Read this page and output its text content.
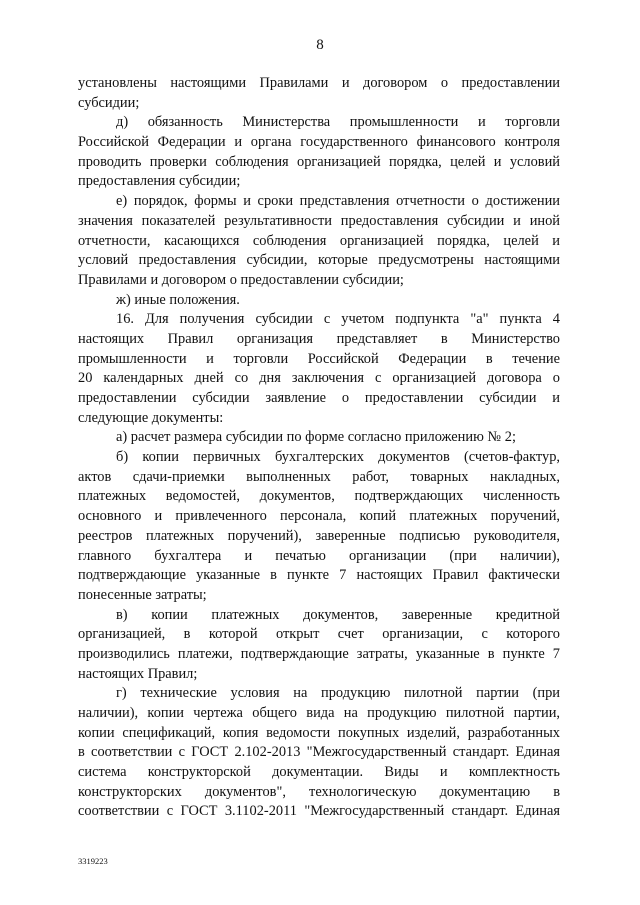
8
установлены настоящими Правилами и договором о предоставлении
субсидии;
д) обязанность Министерства промышленности и торговли
Российской Федерации и органа государственного финансового контроля
проводить проверки соблюдения организацией порядка, целей и условий
предоставления субсидии;
е) порядок, формы и сроки представления отчетности о достижении
значения показателей результативности предоставления субсидии и иной
отчетности, касающихся соблюдения организацией порядка, целей и
условий предоставления субсидии, которые предусмотрены настоящими
Правилами и договором о предоставлении субсидии;
ж) иные положения.
16. Для получения субсидии с учетом подпункта "а" пункта 4
настоящих Правил организация представляет в Министерство
промышленности и торговли Российской Федерации в течение
20 календарных дней со дня заключения с организацией договора о
предоставлении субсидии заявление о предоставлении субсидии и
следующие документы:
а) расчет размера субсидии по форме согласно приложению № 2;
б) копии первичных бухгалтерских документов (счетов-фактур,
актов сдачи-приемки выполненных работ, товарных накладных,
платежных ведомостей, документов, подтверждающих численность
основного и привлеченного персонала, копий платежных поручений,
реестров платежных поручений), заверенные подписью руководителя,
главного бухгалтера и печатью организации (при наличии),
подтверждающие указанные в пункте 7 настоящих Правил фактически
понесенные затраты;
в) копии платежных документов, заверенные кредитной
организацией, в которой открыт счет организации, с которого
производились платежи, подтверждающие затраты, указанные в пункте 7
настоящих Правил;
г) технические условия на продукцию пилотной партии (при
наличии), копии чертежа общего вида на продукцию пилотной партии,
копии спецификаций, копия ведомости покупных изделий, разработанных
в соответствии с ГОСТ 2.102-2013 "Межгосударственный стандарт. Единая
система конструкторской документации. Виды и комплектность
конструкторских документов", технологическую документацию в
соответствии с ГОСТ 3.1102-2011 "Межгосударственный стандарт. Единая
3319223
